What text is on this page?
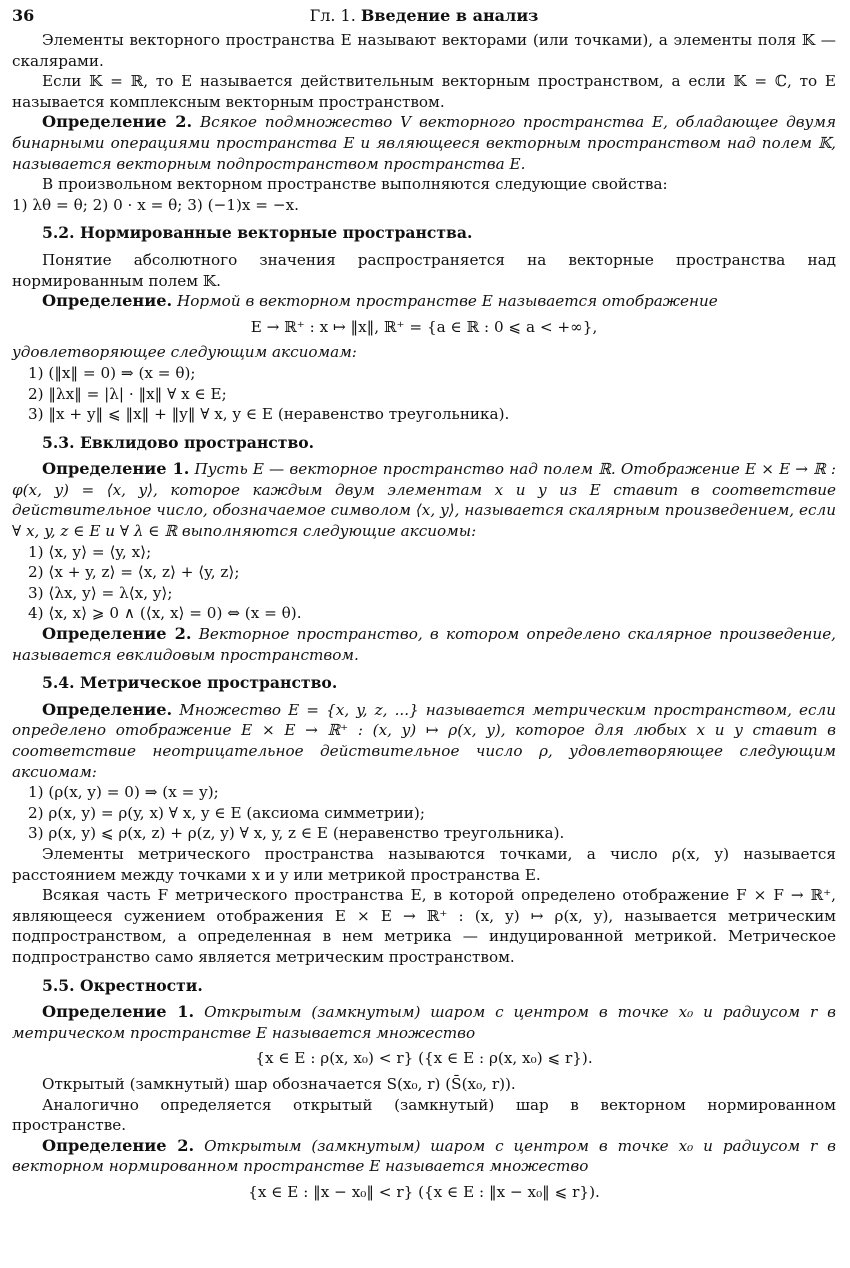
36	Гл. 1. Введение в анализ

Элементы векторного пространства E называют векторами (или точками), а элементы поля 𝕂 — скалярами.

Если 𝕂 = ℝ, то E называется действительным векторным пространством, а если 𝕂 = ℂ, то E называется комплексным векторным пространством.

Определение 2. Всякое подмножество V векторного пространства E, обладающее двумя бинарными операциями пространства E и являющееся векторным пространством над полем 𝕂, называется векторным подпространством пространства E.

В произвольном векторном пространстве выполняются следующие свойства:

1) λθ = θ; 2) 0 · x = θ; 3) (−1)x = −x.

5.2. Нормированные векторные пространства.

Понятие абсолютного значения распространяется на векторные пространства над нормированным полем 𝕂.

Определение. Нормой в векторном пространстве E называется отображение

E → ℝ⁺ : x ↦ ‖x‖, ℝ⁺ = {a ∈ ℝ : 0 ⩽ a < +∞},

удовлетворяющее следующим аксиомам:

1) (‖x‖ = 0) ⇒ (x = θ);
2) ‖λx‖ = |λ| · ‖x‖ ∀ x ∈ E;
3) ‖x + y‖ ⩽ ‖x‖ + ‖y‖ ∀ x, y ∈ E (неравенство треугольника).
5.3. Евклидово пространство.

Определение 1. Пусть E — векторное пространство над полем ℝ. Отображение E × E → ℝ : φ(x, y) = ⟨x, y⟩, которое каждым двум элементам x и y из E ставит в соответствие действительное число, обозначаемое символом ⟨x, y⟩, называется скалярным произведением, если ∀ x, y, z ∈ E и ∀ λ ∈ ℝ выполняются следующие аксиомы:

1) ⟨x, y⟩ = ⟨y, x⟩;
2) ⟨x + y, z⟩ = ⟨x, z⟩ + ⟨y, z⟩;
3) ⟨λx, y⟩ = λ⟨x, y⟩;
4) ⟨x, x⟩ ⩾ 0 ∧ (⟨x, x⟩ = 0) ⇔ (x = θ).

Определение 2. Векторное пространство, в котором определено скалярное произведение, называется евклидовым пространством.

5.4. Метрическое пространство.

Определение. Множество E = {x, y, z, ...} называется метрическим пространством, если определено отображение E × E → ℝ⁺ : (x, y) ↦ ρ(x, y), которое для любых x и y ставит в соответствие неотрицательное действительное число ρ, удовлетворяющее следующим аксиомам:

1) (ρ(x, y) = 0) ⇒ (x = y);
2) ρ(x, y) = ρ(y, x) ∀ x, y ∈ E (аксиома симметрии);
3) ρ(x, y) ⩽ ρ(x, z) + ρ(z, y) ∀ x, y, z ∈ E (неравенство треугольника).

Элементы метрического пространства называются точками, а число ρ(x, y) называется расстоянием между точками x и y или метрикой пространства E.

Всякая часть F метрического пространства E, в которой определено отображение F × F → ℝ⁺, являющееся сужением отображения E × E → ℝ⁺ : (x, y) ↦ ρ(x, y), называется метрическим подпространством, а определенная в нем метрика — индуцированной метрикой. Метрическое подпространство само является метрическим пространством.

5.5. Окрестности.

Определение 1. Открытым (замкнутым) шаром с центром в точке x₀ и радиусом r в метрическом пространстве E называется множество

{x ∈ E : ρ(x, x₀) < r} ({x ∈ E : ρ(x, x₀) ⩽ r}).

Открытый (замкнутый) шар обозначается S(x₀, r) (S̄(x₀, r)).

Аналогично определяется открытый (замкнутый) шар в векторном нормированном пространстве.

Определение 2. Открытым (замкнутым) шаром с центром в точке x₀ и радиусом r в векторном нормированном пространстве E называется множество

{x ∈ E : ‖x − x₀‖ < r} ({x ∈ E : ‖x − x₀‖ ⩽ r}).
